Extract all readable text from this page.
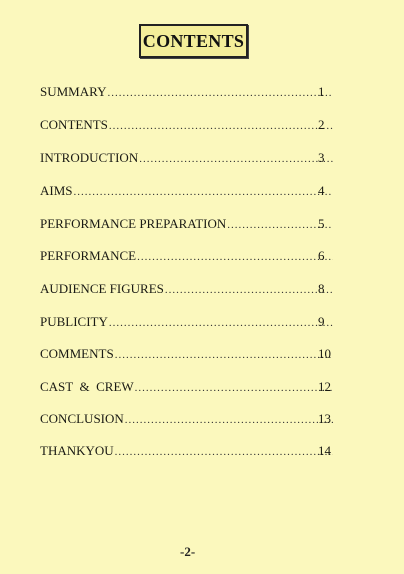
CONTENTS
SUMMARY .....	1
CONTENTS .....	2
INTRODUCTION .....	3
AIMS .....	4
PERFORMANCE PREPARATION .....	5
PERFORMANCE .....	6
AUDIENCE FIGURES .....	8
PUBLICITY .....	9
COMMENTS .....	10
CAST  &  CREW .....	12
CONCLUSION .....	13
THANKYOU .....	14
-2-
